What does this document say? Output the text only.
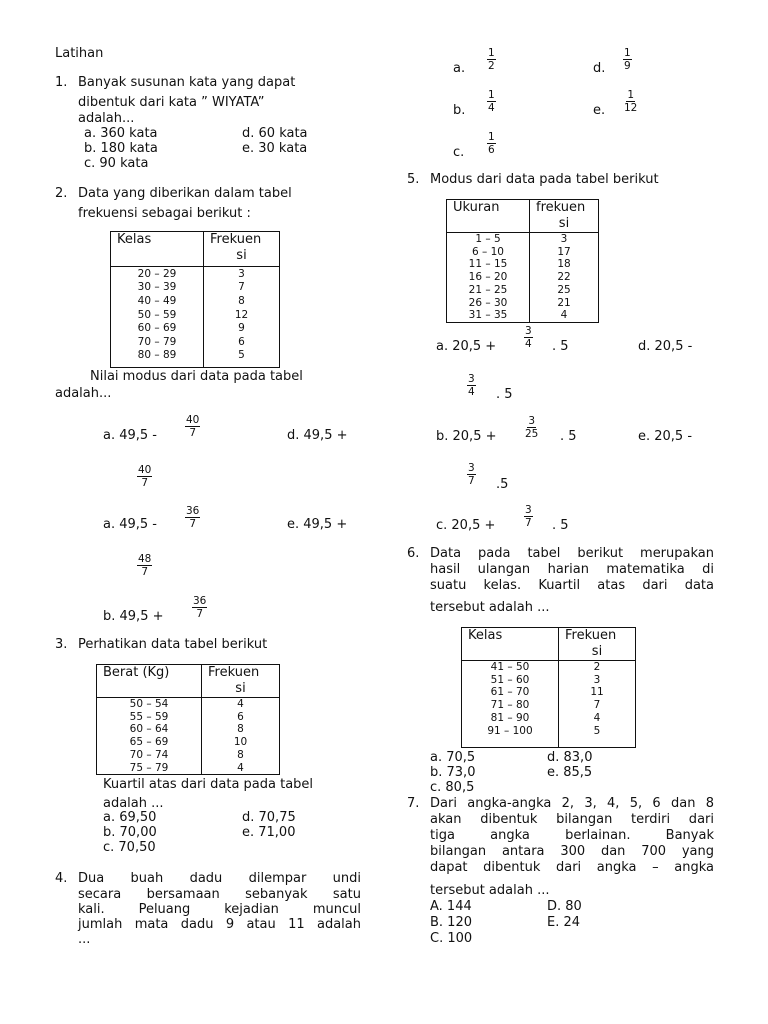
Latihan
1. Banyak susunan kata yang dapat
dibentuk dari kata ” WIYATA”
adalah...
a. 360 kata
b. 180 kata
c. 90 kata
d. 60 kata
e. 30 kata
2. Data yang diberikan dalam tabel
frekuensi sebagai berikut :
Kelas	Frekuen

si

20 – 29	3
30 – 39	7
40 – 49	8
50 – 59	12
60 – 69	9
70 – 79	6
80 – 89	5
Nilai modus dari data pada tabel
adalah...
a. 49,5 -	$\frac{40}{7}$	d. 49,5 +
$\frac{40}{7}$
a. 49,5 -	$\frac{36}{7}$	e. 49,5 +
$\frac{48}{7}$
b. 49,5 +	$\frac{36}{7}$
3. Perhatikan data tabel berikut
Berat (Kg)	Frekuen

si

50 – 54	4
55 – 59	6
60 – 64	8
65 – 69	10
70 – 74	8
75 – 79	4
Kuartil atas dari data pada tabel
adalah ...
a. 69,50
b. 70,00
c. 70,50
d. 70,75
e. 71,00
4. Dua buah dadu dilempar undi
secara bersamaan sebanyak satu
kali. Peluang kejadian muncul
jumlah mata dadu 9 atau 11 adalah
...
a. $\frac{1}{2}$	d. $\frac{1}{9}$
b. $\frac{1}{4}$	e. $\frac{1}{12}$
c. $\frac{1}{6}$
5. Modus dari data pada tabel berikut
Ukuran	frekuen

si

1 – 5	3
6 – 10	17
11 – 15	18
16 – 20	22
21 – 25	25
26 – 30	21
31 – 35	4
a. 20,5 +	$\frac{3}{4}$ . 5	d. 20,5 -
$\frac{3}{4}$ . 5
b. 20,5 +	$\frac{3}{25}$ . 5	e. 20,5 -
$\frac{3}{7} .5$
c. 20,5 +	$\frac{3}{7}$ . 5
6. Data pada tabel berikut merupakan
hasil ulangan harian matematika di
suatu kelas. Kuartil atas dari data
tersebut adalah ...
Kelas	Frekuen

si

41 – 50	2
51 – 60	3
61 – 70	11
71 – 80	7
81 – 90	4
91 – 100	5
a. 70,5
b. 73,0
c. 80,5
d. 83,0
e. 85,5
7. Dari angka-angka 2, 3, 4, 5, 6 dan 8
akan dibentuk bilangan terdiri dari
tiga angka berlainan. Banyak
bilangan antara 300 dan 700 yang
dapat dibentuk dari angka – angka
tersebut adalah ...
A. 144
B. 120
C. 100
D. 80
E. 24
